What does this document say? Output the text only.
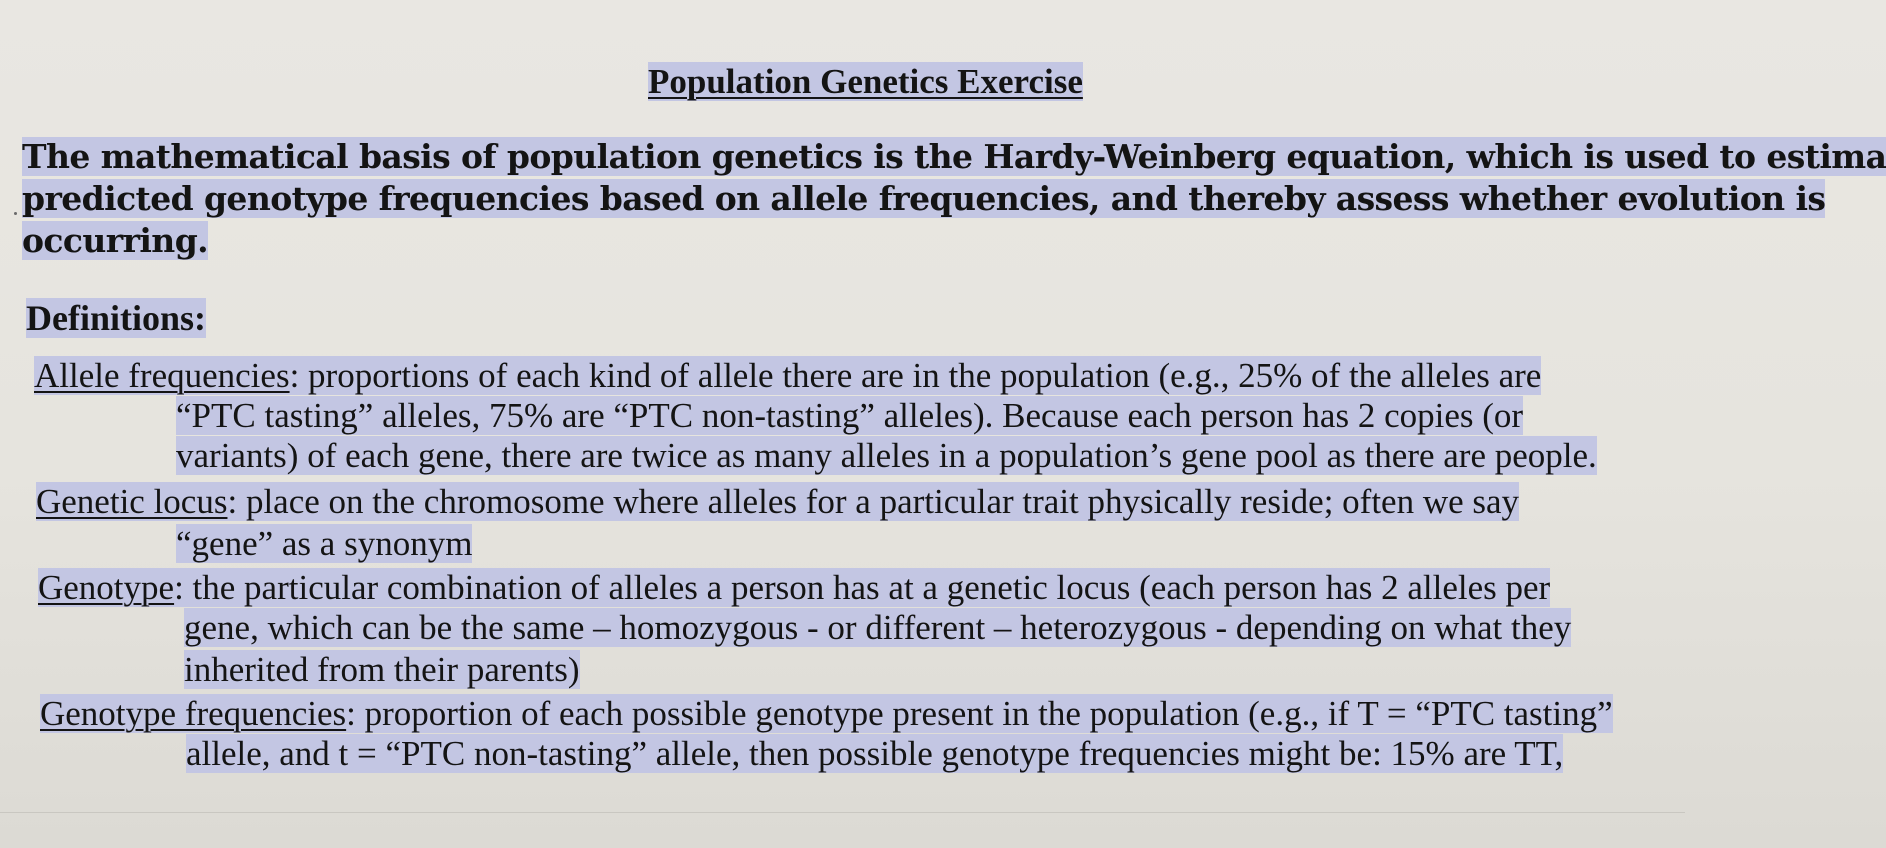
Population Genetics Exercise
The mathematical basis of population genetics is the Hardy-Weinberg equation, which is used to estima
predicted genotype frequencies based on allele frequencies, and thereby assess whether evolution is
occurring.
Definitions:
Allele frequencies: proportions of each kind of allele there are in the population (e.g., 25% of the alleles are
“PTC tasting” alleles, 75% are “PTC non-tasting” alleles). Because each person has 2 copies (or
variants) of each gene, there are twice as many alleles in a population’s gene pool as there are people.
Genetic locus: place on the chromosome where alleles for a particular trait physically reside; often we say
“gene” as a synonym
Genotype: the particular combination of alleles a person has at a genetic locus (each person has 2 alleles per
gene, which can be the same – homozygous - or different – heterozygous - depending on what they
inherited from their parents)
Genotype frequencies: proportion of each possible genotype present in the population (e.g., if T = “PTC tasting”
allele, and t = “PTC non-tasting” allele, then possible genotype frequencies might be: 15% are TT,
